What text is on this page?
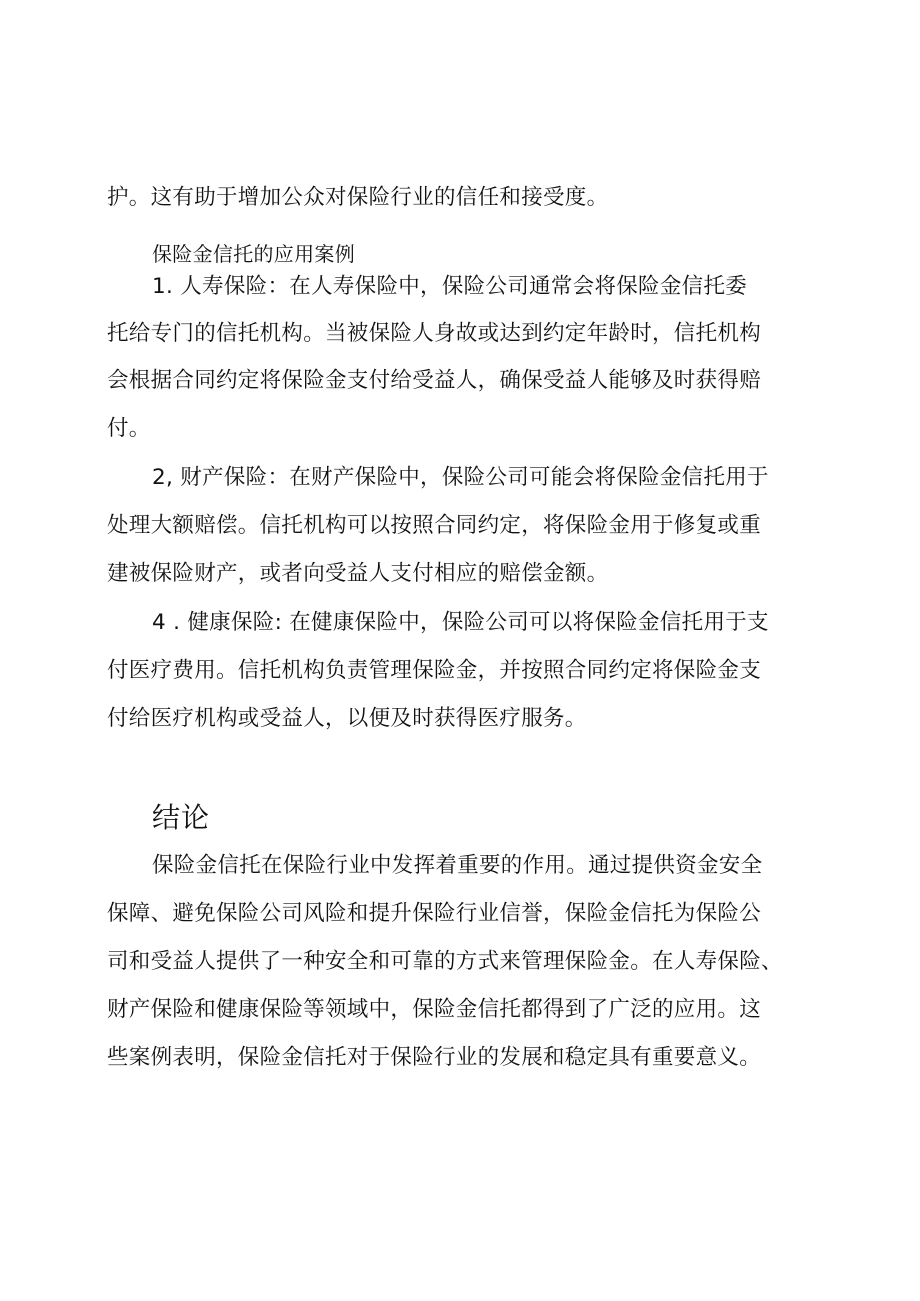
护。这有助于增加公众对保险行业的信任和接受度。
保险金信托的应用案例
1. 人寿保险：在人寿保险中，保险公司通常会将保险金信托委
托给专门的信托机构。当被保险人身故或达到约定年龄时，信托机构
会根据合同约定将保险金支付给受益人，确保受益人能够及时获得赔
付。
2, 财产保险：在财产保险中，保险公司可能会将保险金信托用于
处理大额赔偿。信托机构可以按照合同约定，将保险金用于修复或重
建被保险财产，或者向受益人支付相应的赔偿金额。
4 . 健康保险: 在健康保险中，保险公司可以将保险金信托用于支
付医疗费用。信托机构负责管理保险金，并按照合同约定将保险金支
付给医疗机构或受益人，以便及时获得医疗服务。
结论
保险金信托在保险行业中发挥着重要的作用。通过提供资金安全
保障、避免保险公司风险和提升保险行业信誉，保险金信托为保险公
司和受益人提供了一种安全和可靠的方式来管理保险金。在人寿保险、
财产保险和健康保险等领域中，保险金信托都得到了广泛的应用。这
些案例表明，保险金信托对于保险行业的发展和稳定具有重要意义。
